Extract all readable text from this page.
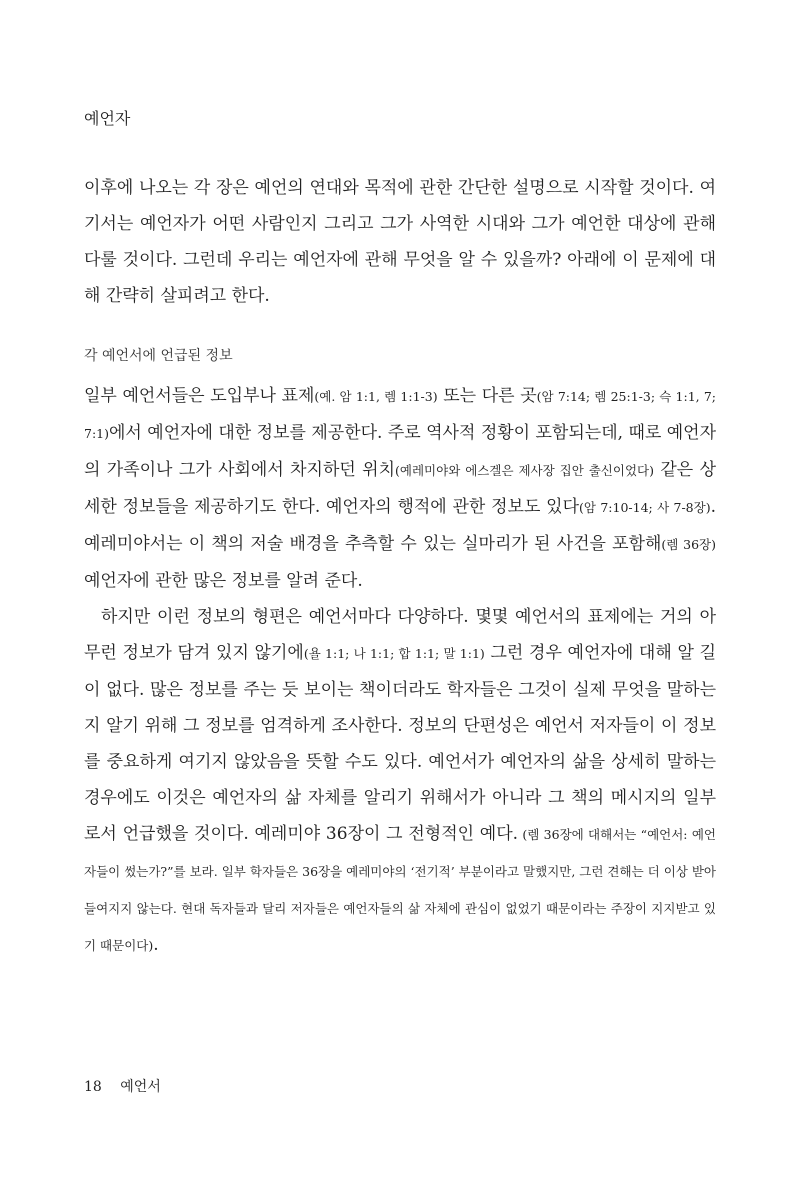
예언자

이후에 나오는 각 장은 예언의 연대와 목적에 관한 간단한 설명으로 시작할 것이다. 여기서는 예언자가 어떤 사람인지 그리고 그가 사역한 시대와 그가 예언한 대상에 관해 다룰 것이다. 그런데 우리는 예언자에 관해 무엇을 알 수 있을까? 아래에 이 문제에 대해 간략히 살피려고 한다.

각 예언서에 언급된 정보

일부 예언서들은 도입부나 표제(예. 암 1:1, 렘 1:1-3) 또는 다른 곳(암 7:14; 렘 25:1-3; 슥 1:1, 7; 7:1)에서 예언자에 대한 정보를 제공한다. 주로 역사적 정황이 포함되는데, 때로 예언자의 가족이나 그가 사회에서 차지하던 위치(예레미야와 에스겔은 제사장 집안 출신이었다) 같은 상세한 정보들을 제공하기도 한다. 예언자의 행적에 관한 정보도 있다(암 7:10-14; 사 7-8장). 예레미야서는 이 책의 저술 배경을 추측할 수 있는 실마리가 된 사건을 포함해(렘 36장) 예언자에 관한 많은 정보를 알려 준다.

하지만 이런 정보의 형편은 예언서마다 다양하다. 몇몇 예언서의 표제에는 거의 아무런 정보가 담겨 있지 않기에(욜 1:1; 나 1:1; 합 1:1; 말 1:1) 그런 경우 예언자에 대해 알 길이 없다. 많은 정보를 주는 듯 보이는 책이더라도 학자들은 그것이 실제 무엇을 말하는지 알기 위해 그 정보를 엄격하게 조사한다. 정보의 단편성은 예언서 저자들이 이 정보를 중요하게 여기지 않았음을 뜻할 수도 있다. 예언서가 예언자의 삶을 상세히 말하는 경우에도 이것은 예언자의 삶 자체를 알리기 위해서가 아니라 그 책의 메시지의 일부로서 언급했을 것이다. 예레미야 36장이 그 전형적인 예다. (렘 36장에 대해서는 “예언서: 예언자들이 썼는가?”를 보라. 일부 학자들은 36장을 예레미야의 ‘전기적’ 부분이라고 말했지만, 그런 견해는 더 이상 받아들여지지 않는다. 현대 독자들과 달리 저자들은 예언자들의 삶 자체에 관심이 없었기 때문이라는 주장이 지지받고 있기 때문이다).

18 예언서
